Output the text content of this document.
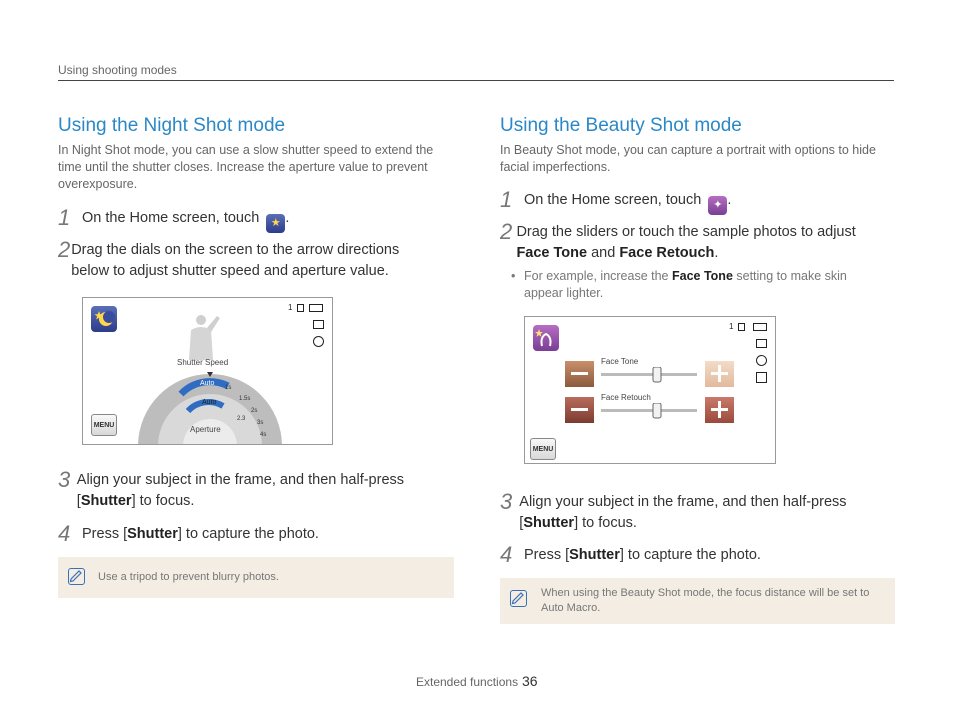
Using shooting modes
Using the Night Shot mode
In Night Shot mode, you can use a slow shutter speed to extend the time until the shutter closes. Increase the aperture value to prevent overexposure.
1 On the Home screen, touch ★ .
2 Drag the dials on the screen to the arrow directions below to adjust shutter speed and aperture value.
1
Shutter Speed
Auto
Auto
Aperture
1s
1.5s
2s
3s
4s
2.3
MENU
3 Align your subject in the frame, and then half-press [Shutter] to focus.
4 Press [Shutter] to capture the photo.
Use a tripod to prevent blurry photos.
Using the Beauty Shot mode
In Beauty Shot mode, you can capture a portrait with options to hide facial imperfections.
1 On the Home screen, touch ✦ .
2 Drag the sliders or touch the sample photos to adjust Face Tone and Face Retouch.
• For example, increase the Face Tone setting to make skin appear lighter.
1
Face Tone
Face Retouch
MENU
3 Align your subject in the frame, and then half-press [Shutter] to focus.
4 Press [Shutter] to capture the photo.
When using the Beauty Shot mode, the focus distance will be set to Auto Macro.
Extended functions 36
